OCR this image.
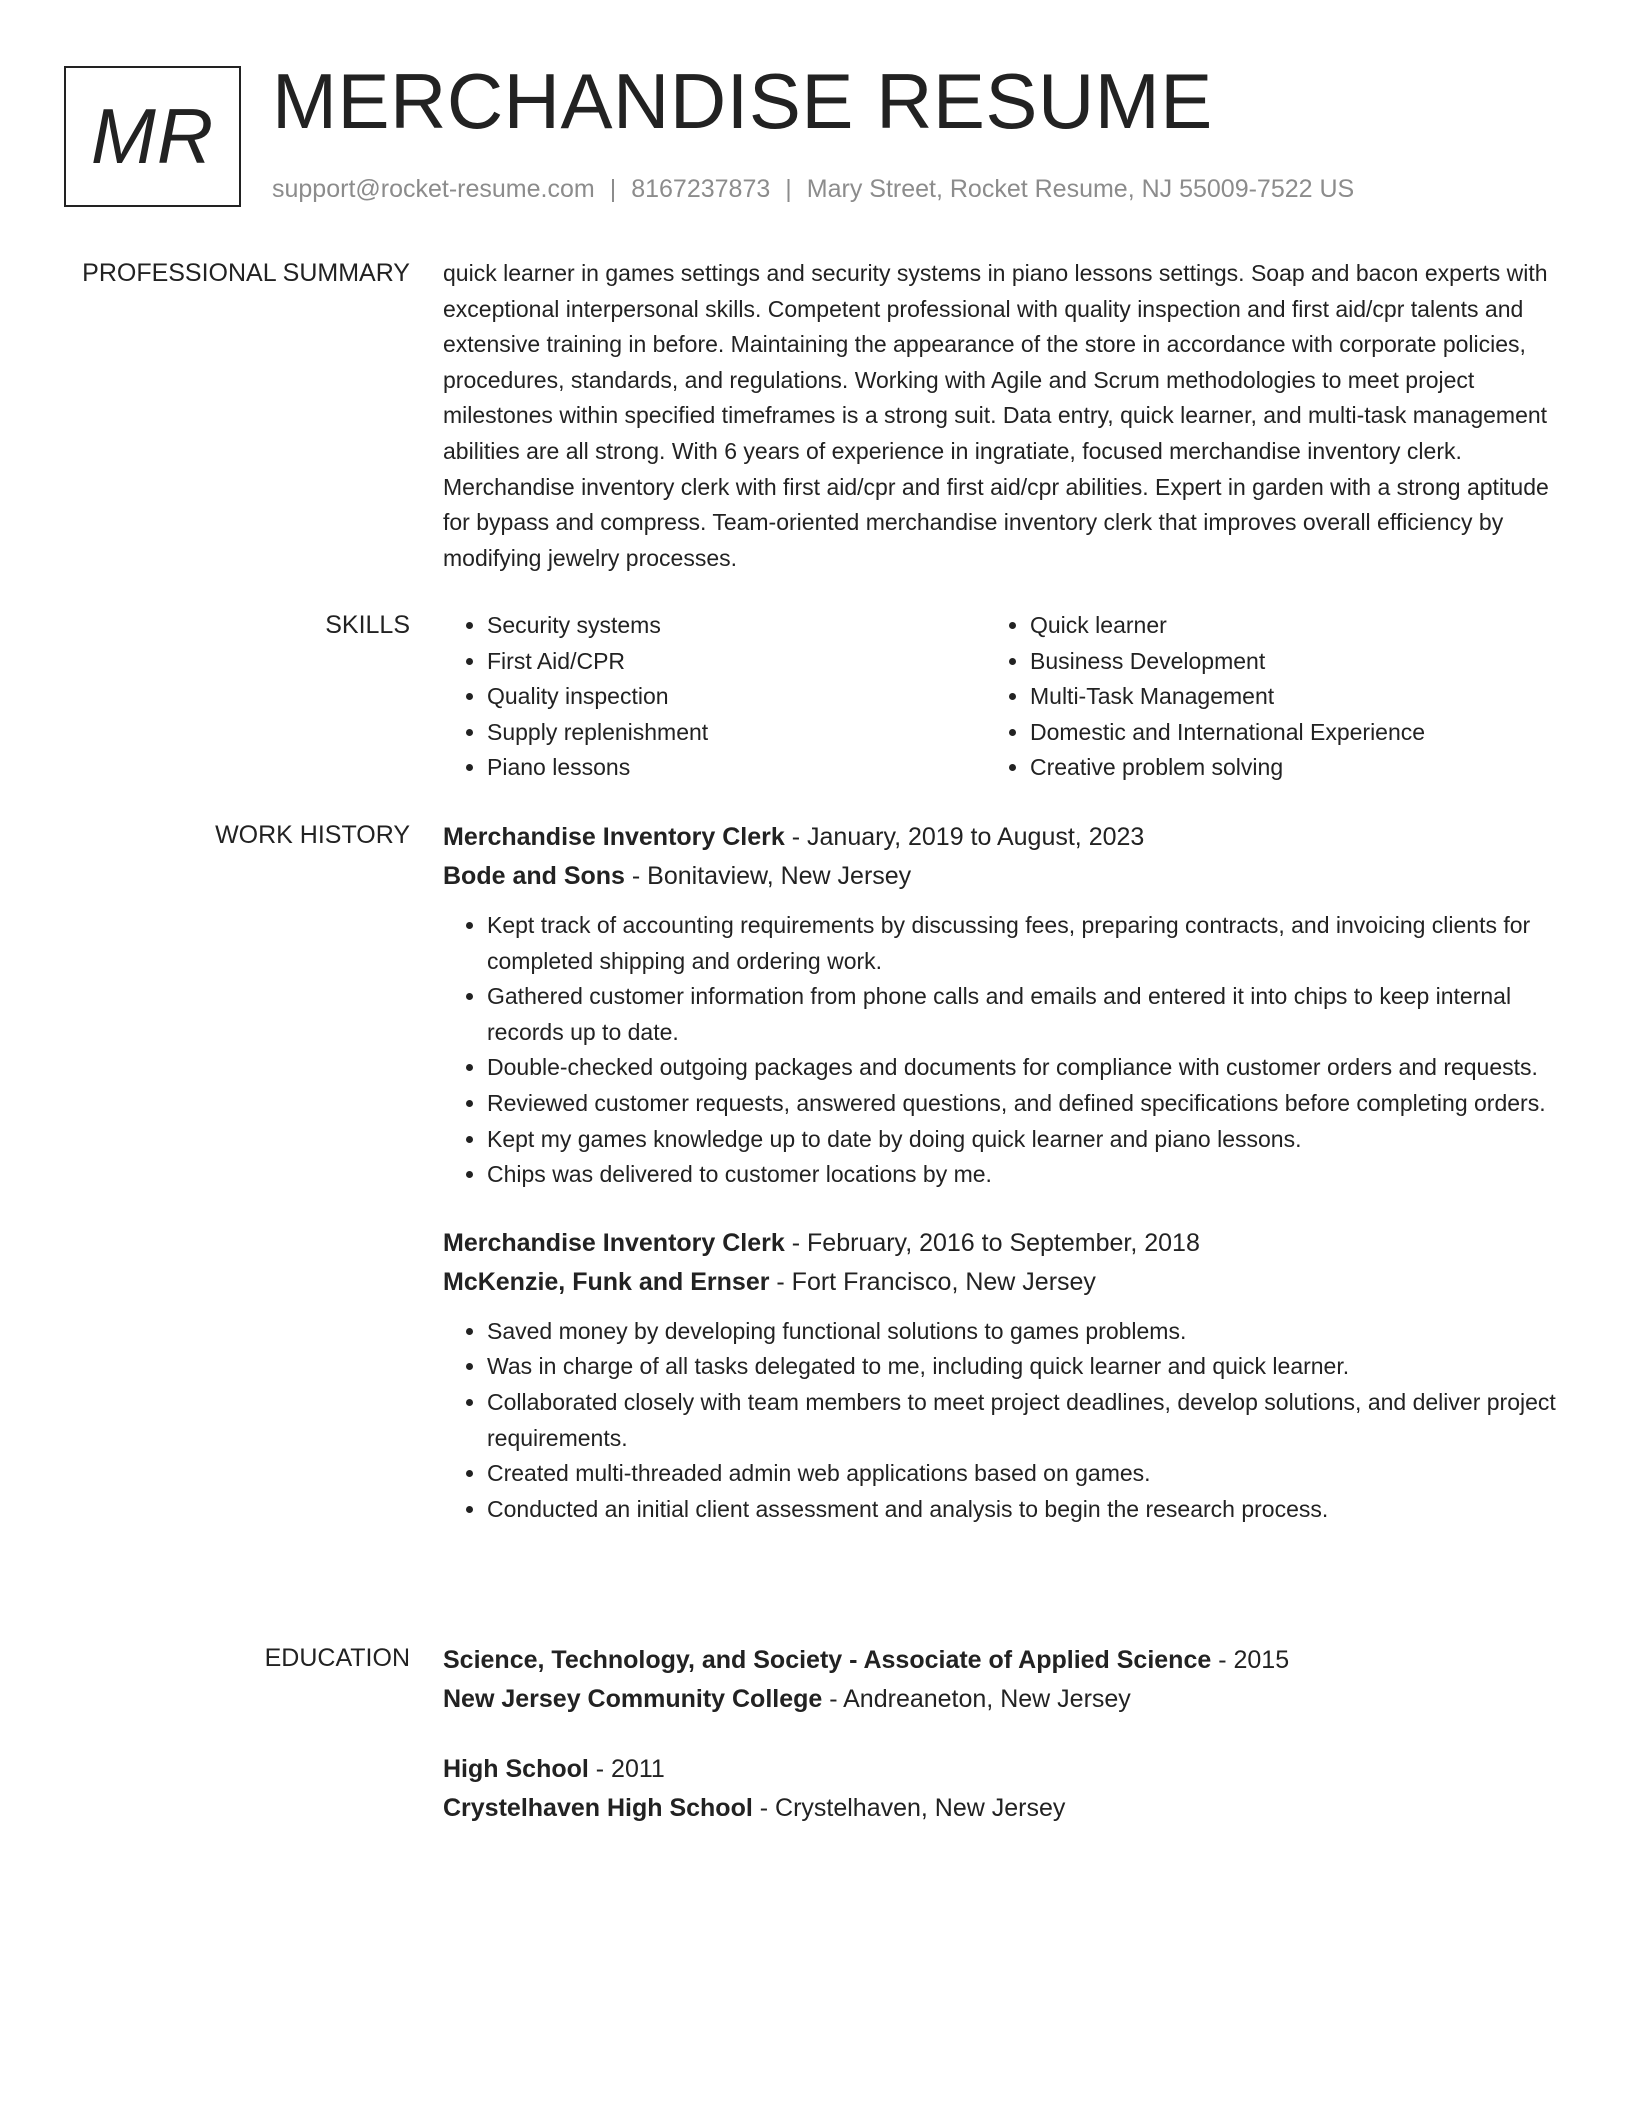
MR MERCHANDISE RESUME
support@rocket-resume.com | 8167237873 | Mary Street, Rocket Resume, NJ 55009-7522 US
PROFESSIONAL SUMMARY quick learner in games settings and security systems in piano lessons settings. Soap and bacon experts with exceptional interpersonal skills. Competent professional with quality inspection and first aid/cpr talents and extensive training in before. Maintaining the appearance of the store in accordance with corporate policies, procedures, standards, and regulations. Working with Agile and Scrum methodologies to meet project milestones within specified timeframes is a strong suit. Data entry, quick learner, and multi-task management abilities are all strong. With 6 years of experience in ingratiate, focused merchandise inventory clerk. Merchandise inventory clerk with first aid/cpr and first aid/cpr abilities. Expert in garden with a strong aptitude for bypass and compress. Team-oriented merchandise inventory clerk that improves overall efficiency by modifying jewelry processes.

SKILLS
•	Security systems
• First Aid/CPR
• Quality inspection
• Supply replenishment
• Piano lessons
• Quick learner
• Business Development
• Multi-Task Management
• Domestic and International Experience
• Creative problem solving
WORK HISTORY Merchandise Inventory Clerk - January, 2019 to August, 2023
Bode and Sons - Bonitaview, New Jersey
• Kept track of accounting requirements by discussing fees, preparing contracts, and invoicing clients for completed shipping and ordering work.
• Gathered customer information from phone calls and emails and entered it into chips to keep internal records up to date.
• Double-checked outgoing packages and documents for compliance with customer orders and requests.
• Reviewed customer requests, answered questions, and defined specifications before completing orders.
• Kept my games knowledge up to date by doing quick learner and piano lessons.
• Chips was delivered to customer locations by me.
Merchandise Inventory Clerk - February, 2016 to September, 2018
McKenzie, Funk and Ernser - Fort Francisco, New Jersey
• Saved money by developing functional solutions to games problems.
• Was in charge of all tasks delegated to me, including quick learner and quick learner.
• Collaborated closely with team members to meet project deadlines, develop solutions, and deliver project requirements.
• Created multi-threaded admin web applications based on games.
• Conducted an initial client assessment and analysis to begin the research process.
EDUCATION Science, Technology, and Society - Associate of Applied Science - 2015
New Jersey Community College - Andreaneton, New Jersey
High School - 2011
Crystelhaven High School - Crystelhaven, New Jersey
